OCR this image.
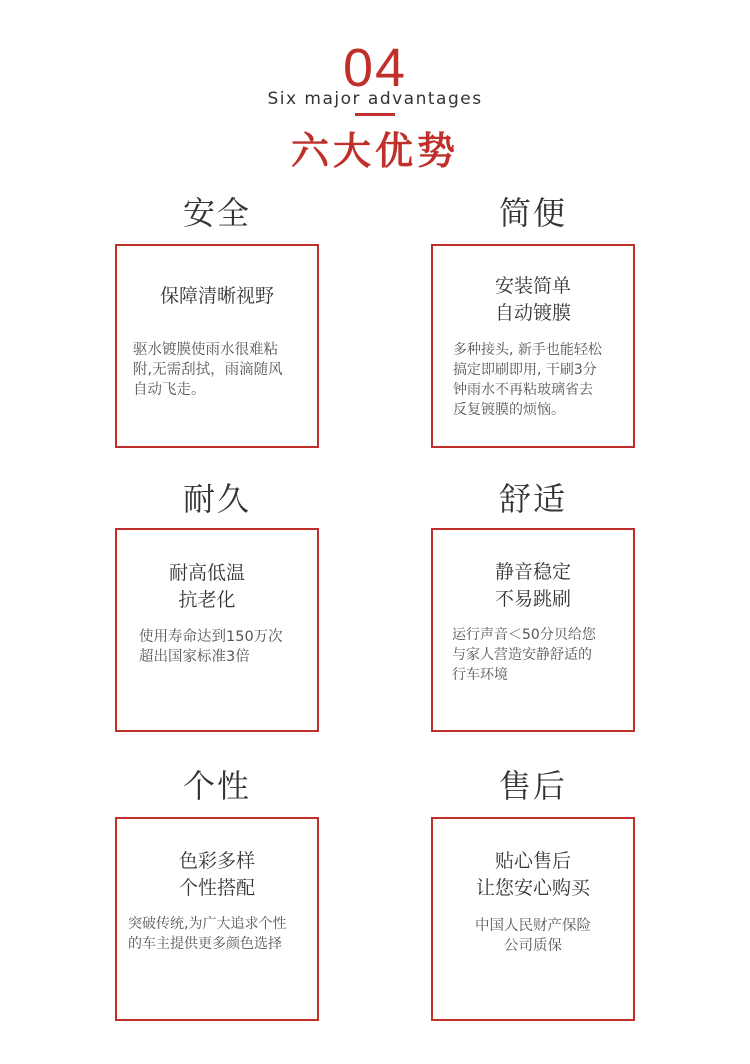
04
Six major advantages
六大优势
安全
保障清晰视野
驱水镀膜使雨水很难粘
附,无需刮拭，雨滴随风
自动飞走。
简便
安装简单
自动镀膜
多种接头, 新手也能轻松
搞定即刷即用, 干刷3分
钟雨水不再粘玻璃省去
反复镀膜的烦恼。
耐久
耐高低温
抗老化
使用寿命达到150万次
超出国家标准3倍
舒适
静音稳定
不易跳刷
运行声音＜50分贝给您
与家人营造安静舒适的
行车环境
个性
色彩多样
个性搭配
突破传统,为广大追求个性
的车主提供更多颜色选择
售后
贴心售后
让您安心购买
中国人民财产保险
公司质保
